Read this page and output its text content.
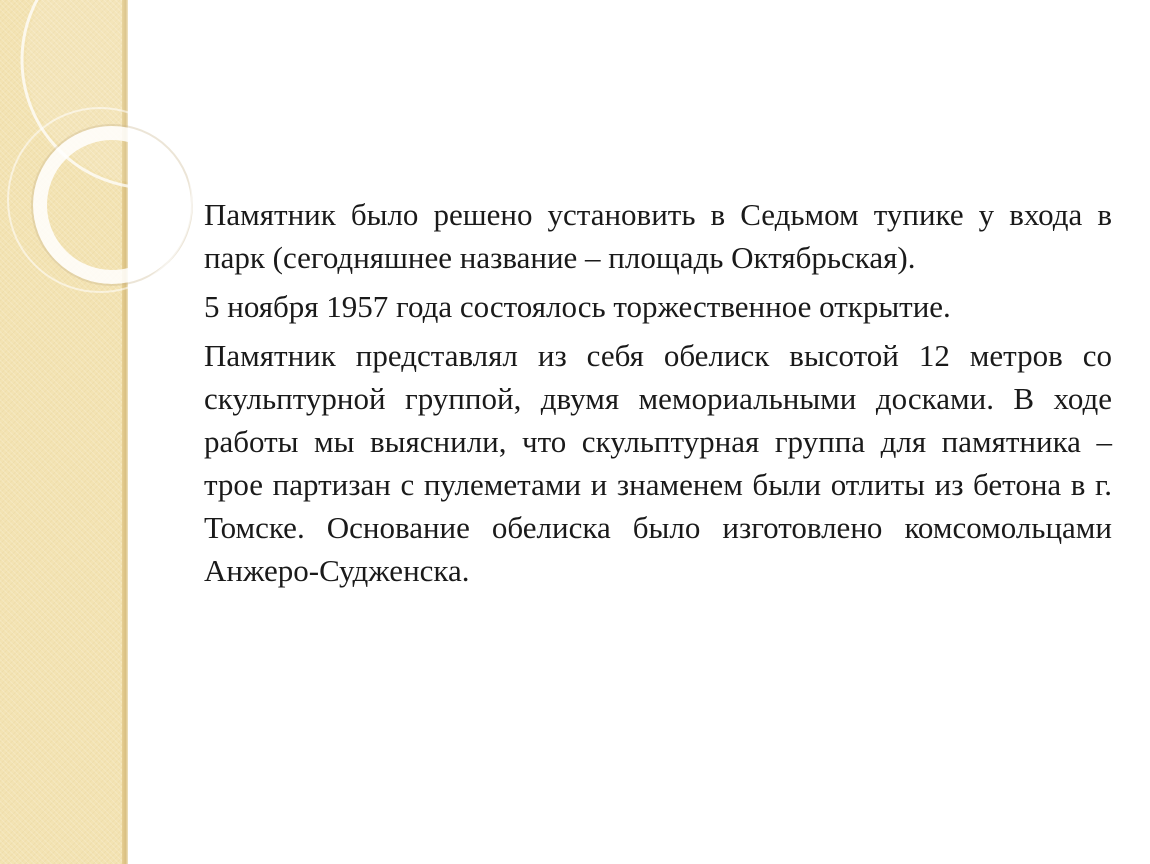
Памятник было решено установить в Седьмом тупике у входа в парк (сегодняшнее название – площадь Октябрьская).

5 ноября 1957 года состоялось торжественное открытие.

Памятник представлял из себя обелиск высотой 12 метров со скульптурной группой, двумя мемориальными досками. В ходе работы мы выяснили, что скульптурная группа для памятника – трое партизан с пулеметами и знаменем были отлиты из бетона в г. Томске. Основание обелиска было изготовлено комсомольцами Анжеро-Судженска.
